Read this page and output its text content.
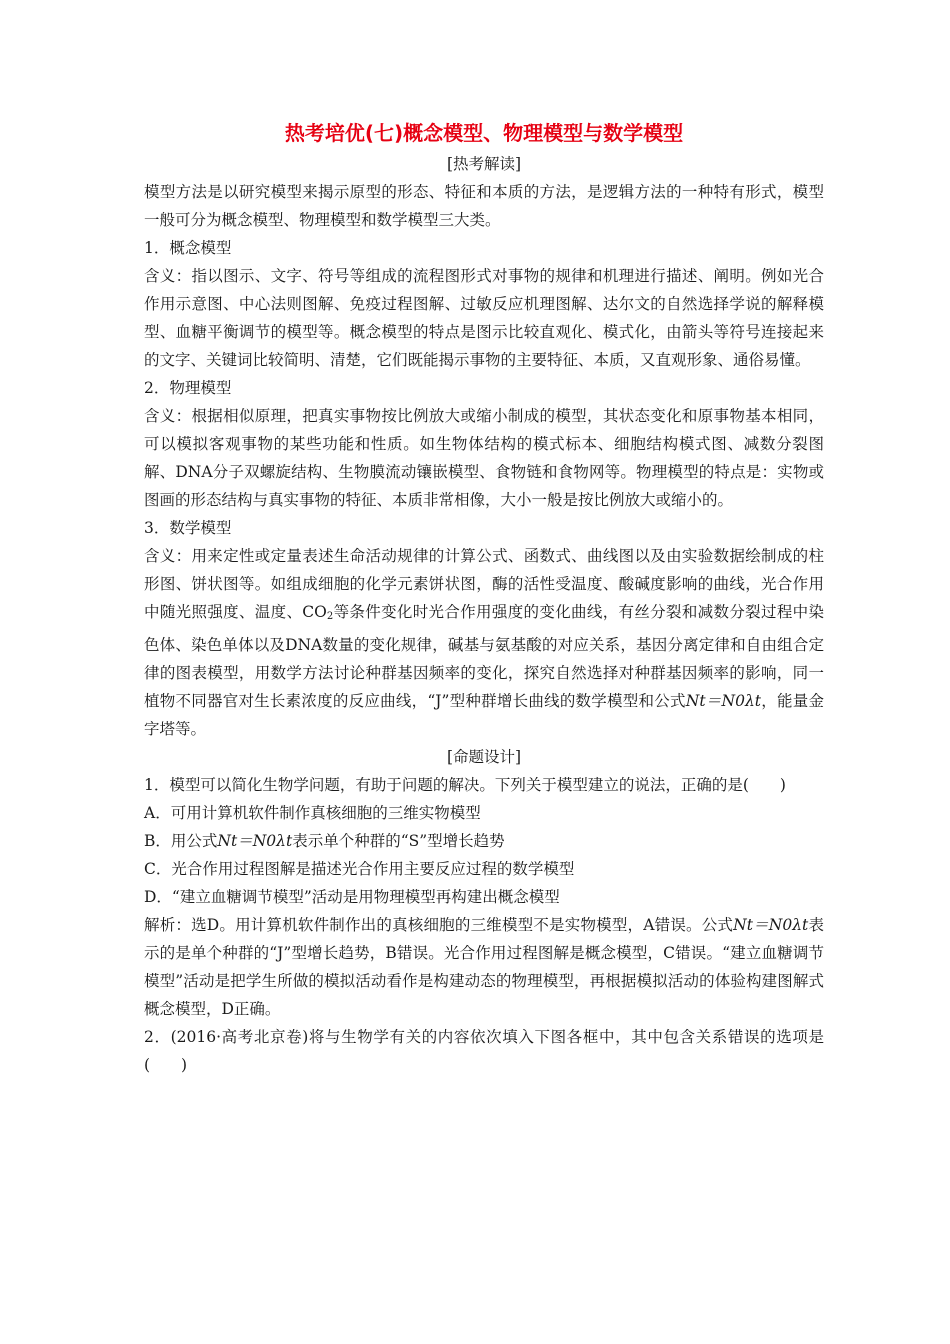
热考培优(七)概念模型、物理模型与数学模型

[热考解读]

模型方法是以研究模型来揭示原型的形态、特征和本质的方法，是逻辑方法的一种特有形式，模型一般可分为概念模型、物理模型和数学模型三大类。

1．概念模型

含义：指以图示、文字、符号等组成的流程图形式对事物的规律和机理进行描述、阐明。例如光合作用示意图、中心法则图解、免疫过程图解、过敏反应机理图解、达尔文的自然选择学说的解释模型、血糖平衡调节的模型等。概念模型的特点是图示比较直观化、模式化，由箭头等符号连接起来的文字、关键词比较简明、清楚，它们既能揭示事物的主要特征、本质，又直观形象、通俗易懂。

2．物理模型

含义：根据相似原理，把真实事物按比例放大或缩小制成的模型，其状态变化和原事物基本相同，可以模拟客观事物的某些功能和性质。如生物体结构的模式标本、细胞结构模式图、减数分裂图解、DNA分子双螺旋结构、生物膜流动镶嵌模型、食物链和食物网等。物理模型的特点是：实物或图画的形态结构与真实事物的特征、本质非常相像，大小一般是按比例放大或缩小的。

3．数学模型

含义：用来定性或定量表述生命活动规律的计算公式、函数式、曲线图以及由实验数据绘制成的柱形图、饼状图等。如组成细胞的化学元素饼状图，酶的活性受温度、酸碱度影响的曲线，光合作用中随光照强度、温度、$CO_2$等条件变化时光合作用强度的变化曲线，有丝分裂和减数分裂过程中染色体、染色单体以及DNA数量的变化规律，碱基与氨基酸的对应关系，基因分离定律和自由组合定律的图表模型，用数学方法讨论种群基因频率的变化，探究自然选择对种群基因频率的影响，同一植物不同器官对生长素浓度的反应曲线，“J”型种群增长曲线的数学模型和公式Nt＝N0λt，能量金字塔等。

[命题设计]

1．模型可以简化生物学问题，有助于问题的解决。下列关于模型建立的说法，正确的是(　　)

A．可用计算机软件制作真核细胞的三维实物模型

B．用公式Nt＝N0λt表示单个种群的“S”型增长趋势

C．光合作用过程图解是描述光合作用主要反应过程的数学模型

D．“建立血糖调节模型”活动是用物理模型再构建出概念模型

解析：选D。用计算机软件制作出的真核细胞的三维模型不是实物模型，A错误。公式Nt＝N0λt表示的是单个种群的“J”型增长趋势，B错误。光合作用过程图解是概念模型，C错误。“建立血糖调节模型”活动是把学生所做的模拟活动看作是构建动态的物理模型，再根据模拟活动的体验构建图解式概念模型，D正确。

2．(2016·高考北京卷)将与生物学有关的内容依次填入下图各框中，其中包含关系错误的选项是(　　)
